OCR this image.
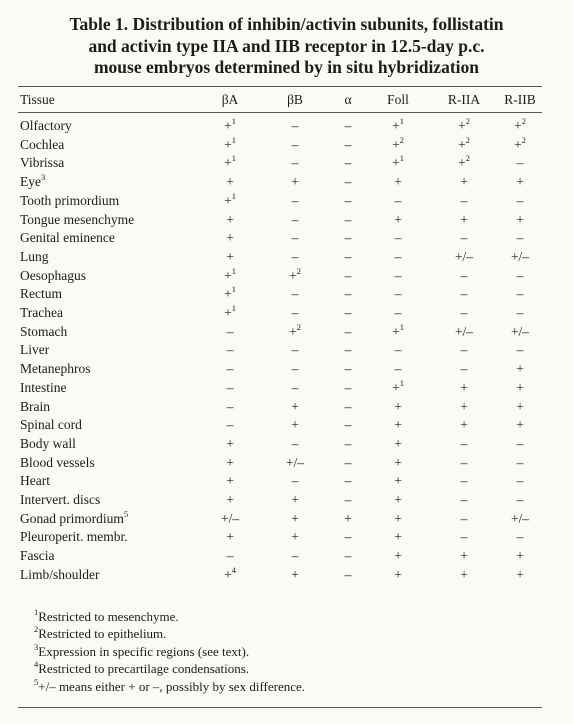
Table 1. Distribution of inhibin/activin subunits, follistatin
and activin type IIA and IIB receptor in 12.5-day p.c.
mouse embryos determined by in situ hybridization
Tissue	βA	βB	α	Foll	R-IIA	R-IIB
Olfactory	+$^1$	–	–	+$^1$	+$^2$	+$^2$
Cochlea	+$^1$	–	–	+$^2$	+$^2$	+$^2$
Vibrissa	+$^1$	–	–	+$^1$	+$^2$	–
Eye$^3$	+	+	–	+	+	+
Tooth primordium	+$^1$	–	–	–	–	–
Tongue mesenchyme	+	–	–	+	+	+
Genital eminence	+	–	–	–	–	–
Lung	+	–	–	–	+/–	+/–
Oesophagus	+$^1$	+$^2$	–	–	–	–
Rectum	+$^1$	–	–	–	–	–
Trachea	+$^1$	–	–	–	–	–
Stomach	–	+$^2$	–	+$^1$	+/–	+/–
Liver	–	–	–	–	–	–
Metanephros	–	–	–	–	–	+
Intestine	–	–	–	+$^1$	+	+
Brain	–	+	–	+	+	+
Spinal cord	–	+	–	+	+	+
Body wall	+	–	–	+	–	–
Blood vessels	+	+/–	–	+	–	–
Heart	+	–	–	+	–	–
Intervert. discs	+	+	–	+	–	–
Gonad primordium$^5$	+/–	+	+	+	–	+/–
Pleuroperit. membr.	+	+	–	+	–	–
Fascia	–	–	–	+	+	+
Limb/shoulder	+$^4$	+	–	+	+	+
$^1$Restricted to mesenchyme.
$^2$Restricted to epithelium.
$^3$Expression in specific regions (see text).
$^4$Restricted to precartilage condensations.
$^5$+/– means either + or –, possibly by sex difference.
